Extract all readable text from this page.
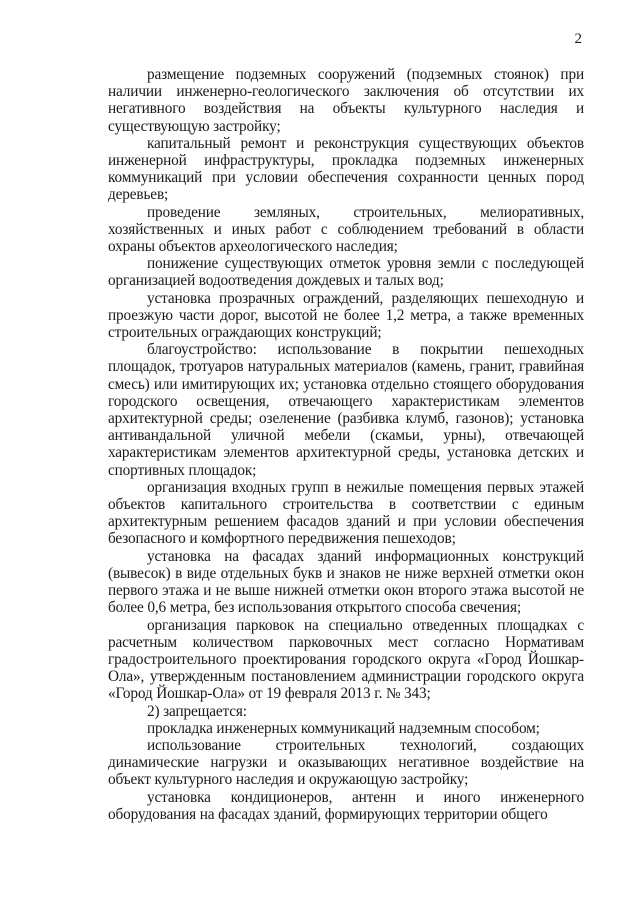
2

размещение подземных сооружений (подземных стоянок) при наличии инженерно-геологического заключения об отсутствии их негативного воздействия на объекты культурного наследия и существующую застройку;

капитальный ремонт и реконструкция существующих объектов инженерной инфраструктуры, прокладка подземных инженерных коммуникаций при условии обеспечения сохранности ценных пород деревьев;

проведение земляных, строительных, мелиоративных, хозяйственных и иных работ с соблюдением требований в области охраны объектов археологического наследия;

понижение существующих отметок уровня земли с последующей организацией водоотведения дождевых и талых вод;

установка прозрачных ограждений, разделяющих пешеходную и проезжую части дорог, высотой не более 1,2 метра, а также временных строительных ограждающих конструкций;

благоустройство: использование в покрытии пешеходных площадок, тротуаров натуральных материалов (камень, гранит, гравийная смесь) или имитирующих их; установка отдельно стоящего оборудования городского освещения, отвечающего характеристикам элементов архитектурной среды; озеленение (разбивка клумб, газонов); установка антивандальной уличной мебели (скамьи, урны), отвечающей характеристикам элементов архитектурной среды, установка детских и спортивных площадок;

организация входных групп в нежилые помещения первых этажей объектов капитального строительства в соответствии с единым архитектурным решением фасадов зданий и при условии обеспечения безопасного и комфортного передвижения пешеходов;

установка на фасадах зданий информационных конструкций (вывесок) в виде отдельных букв и знаков не ниже верхней отметки окон первого этажа и не выше нижней отметки окон второго этажа высотой не более 0,6 метра, без использования открытого способа свечения;

организация парковок на специально отведенных площадках с расчетным количеством парковочных мест согласно Нормативам градостроительного проектирования городского округа «Город Йошкар-Ола», утвержденным постановлением администрации городского округа «Город Йошкар-Ола» от 19 февраля 2013 г. № 343;

2) запрещается:

прокладка инженерных коммуникаций надземным способом;

использование строительных технологий, создающих динамические нагрузки и оказывающих негативное воздействие на объект культурного наследия и окружающую застройку;

установка кондиционеров, антенн и иного инженерного оборудования на фасадах зданий, формирующих территории общего
